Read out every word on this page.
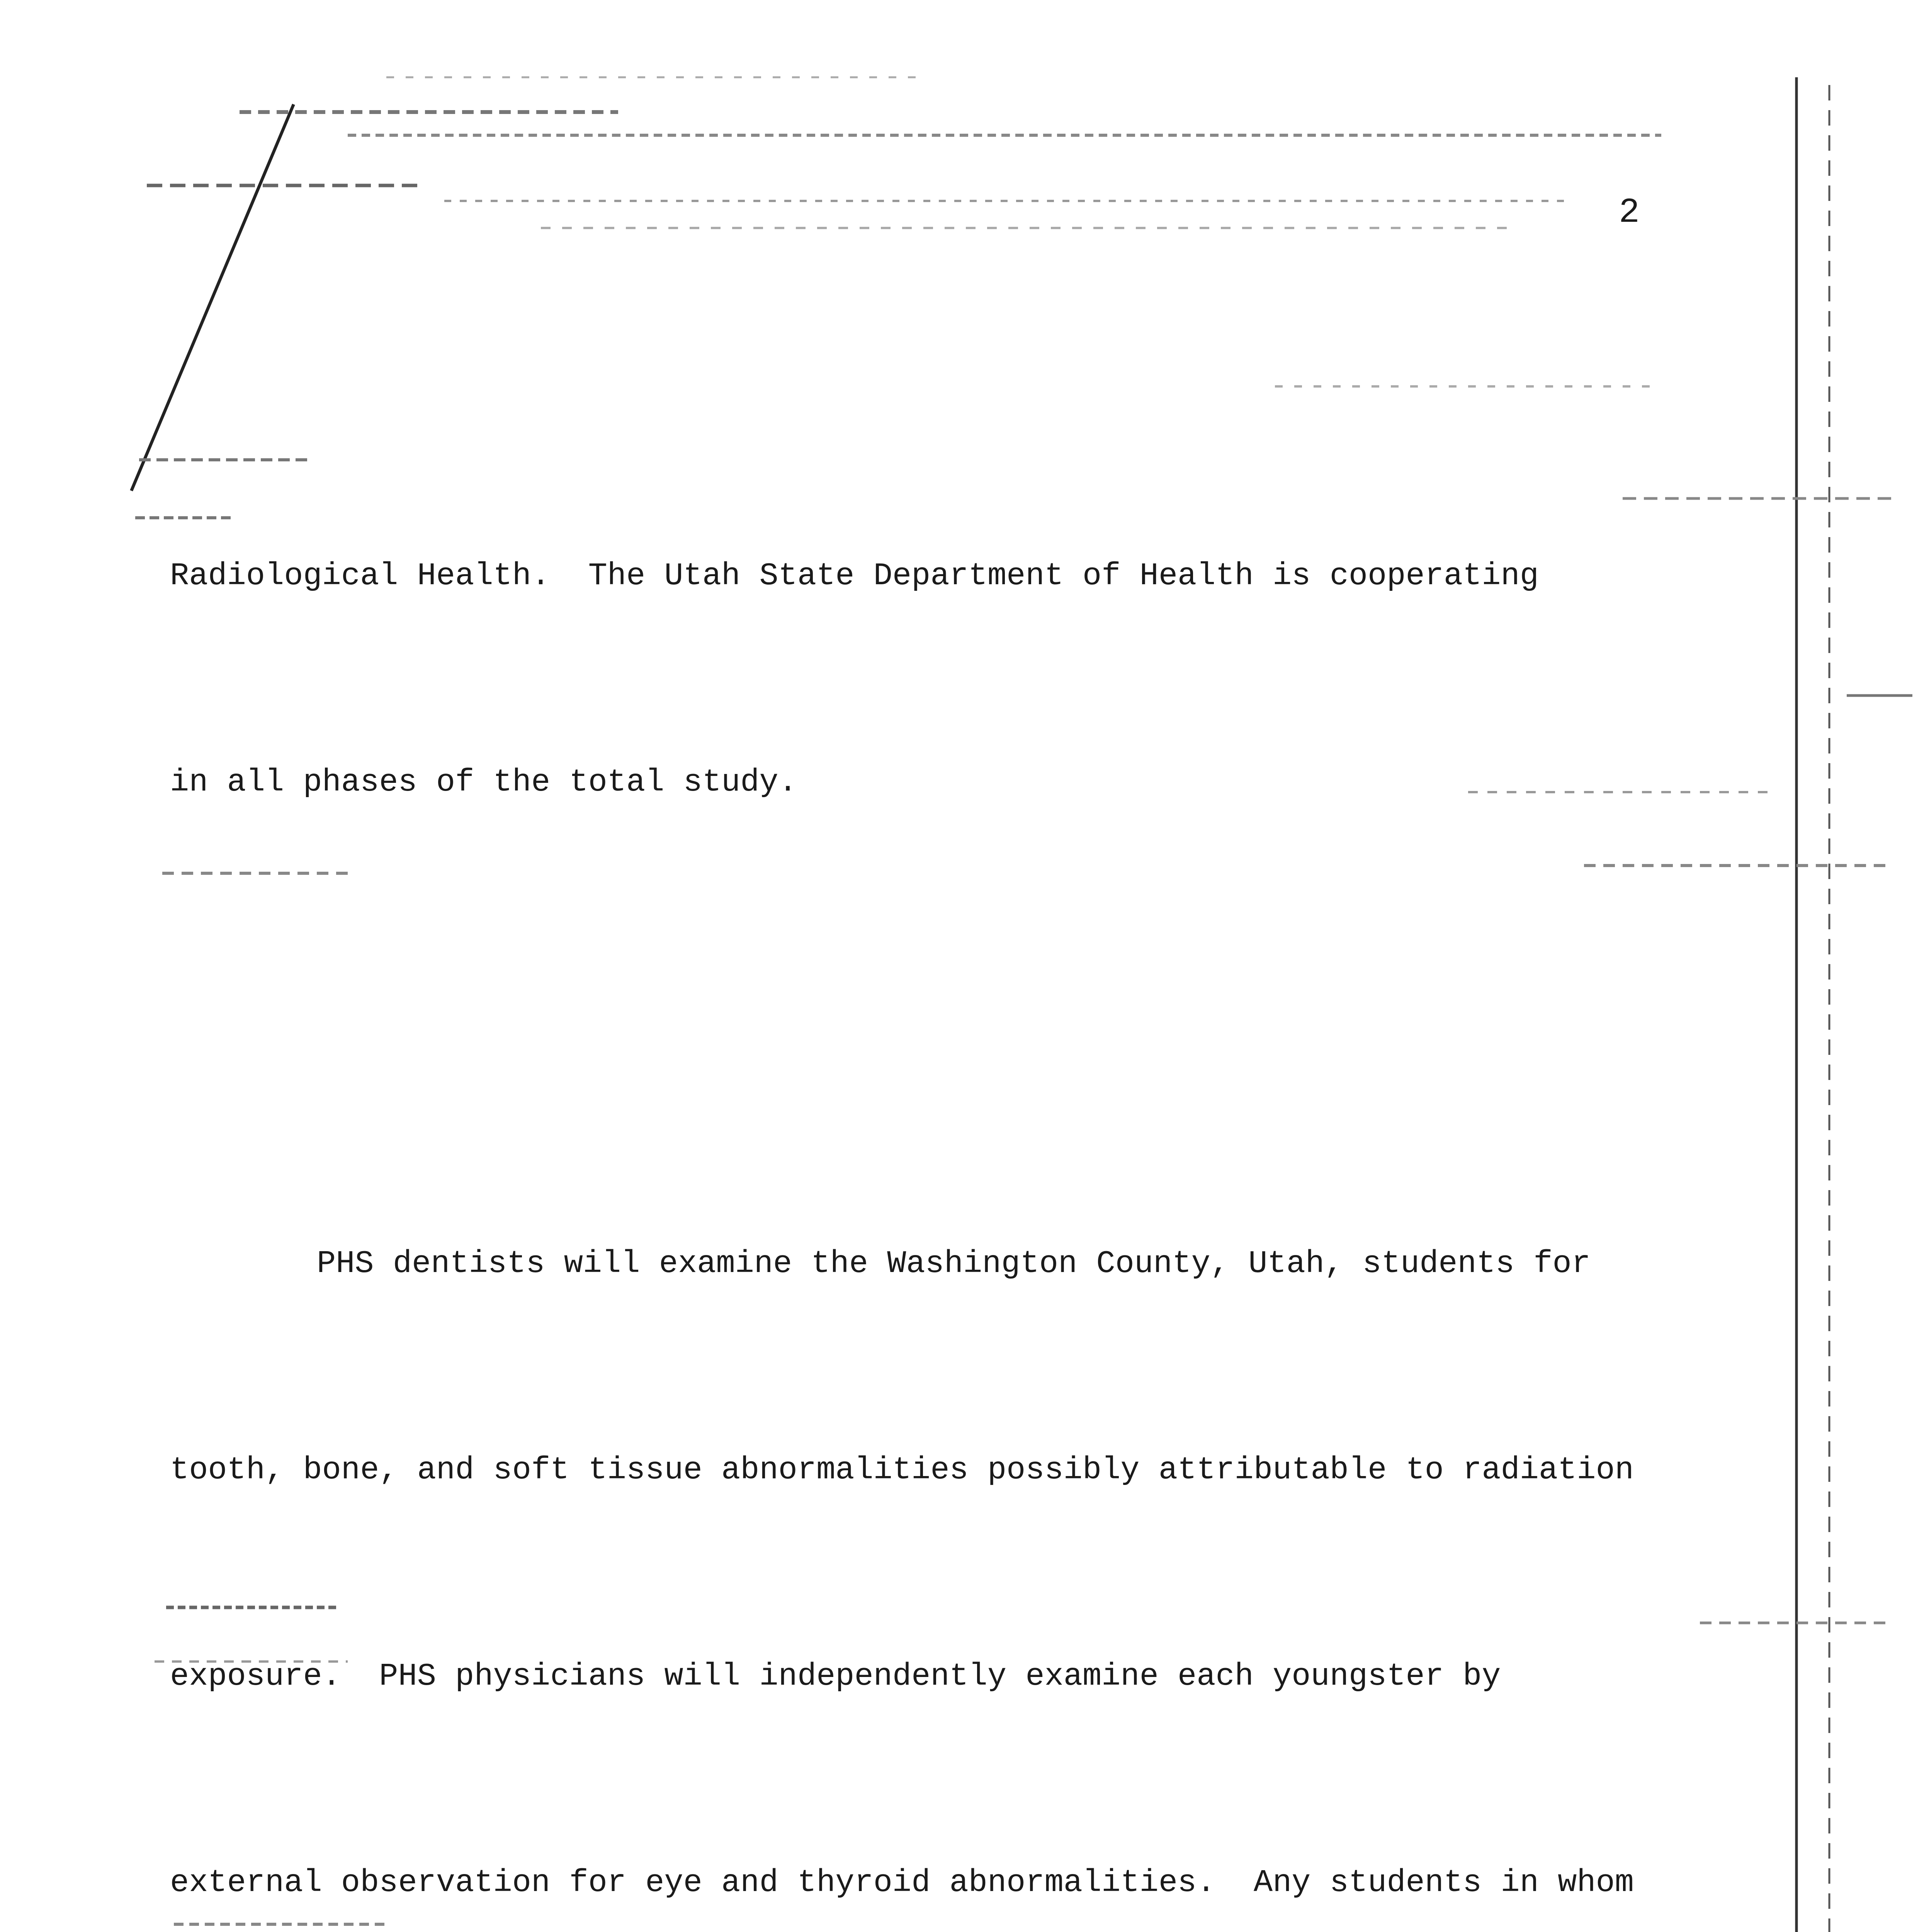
2

Radiological Health.  The Utah State Department of Health is cooperating

in all phases of the total study.

PHS dentists will examine the Washington County, Utah, students for

tooth, bone, and soft tissue abnormalities possibly attributable to radiation

exposure.  PHS physicians will independently examine each youngster by

external observation for eye and thyroid abnormalities.  Any students in whom
